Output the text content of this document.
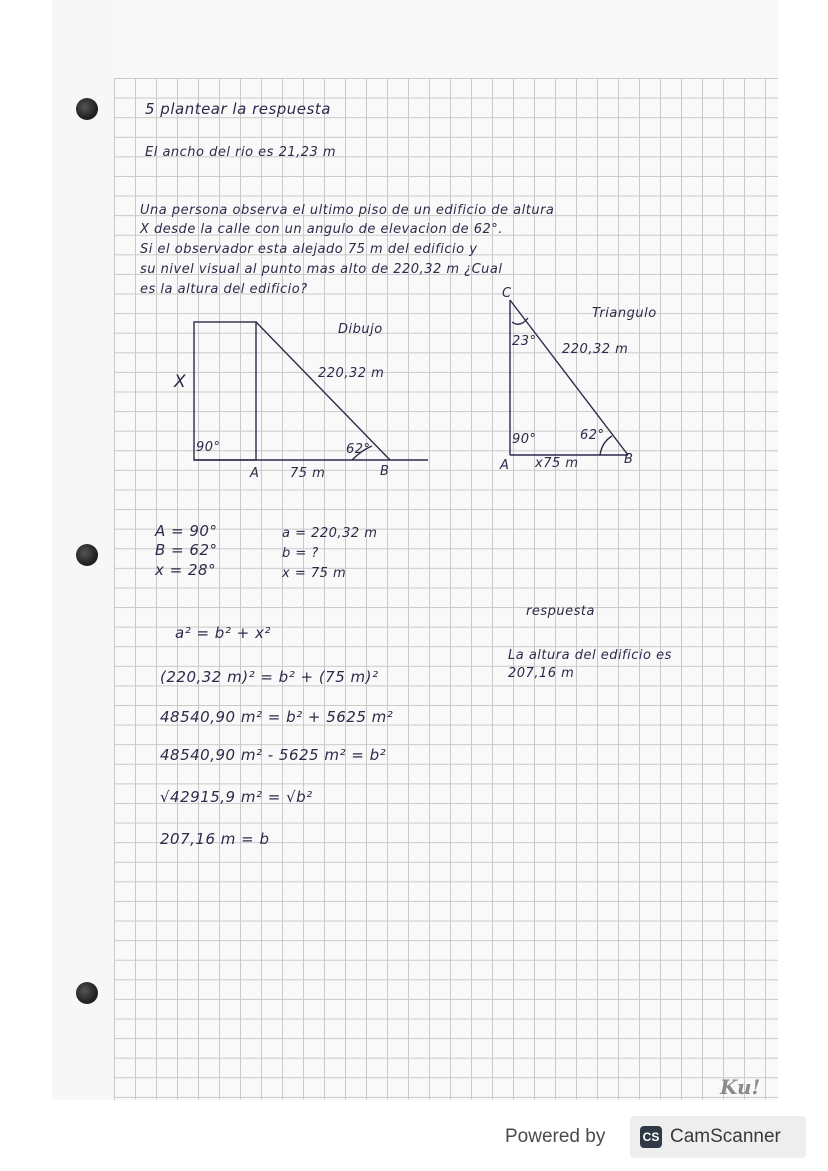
5 plantear la respuesta
El ancho del rio es 21,23 m
Una persona observa el ultimo piso de un edificio de altura
X desde la calle con un angulo de elevacion de 62°.
Si el observador esta alejado 75 m del edificio y
su nivel visual al punto mas alto de 220,32 m ¿Cual
es la altura del edificio?
Dibujo
X	220,32 m
90°	62°
A 75 m	B
Triangulo
C
23°
220,32 m
90°	62°
A x75 m	B
A = 90°
B = 62°
x = 28°
a = 220,32 m
b = ?
x = 75 m
a² = b² + x²
(220,32 m)² = b² + (75 m)²
48540,90 m² = b² + 5625 m²
48540,90 m² - 5625 m² = b²
√42915,9 m² = √b²
207,16 m = b
respuesta
La altura del edificio es
207,16 m
Ku!
Powered by	CS CamScanner
